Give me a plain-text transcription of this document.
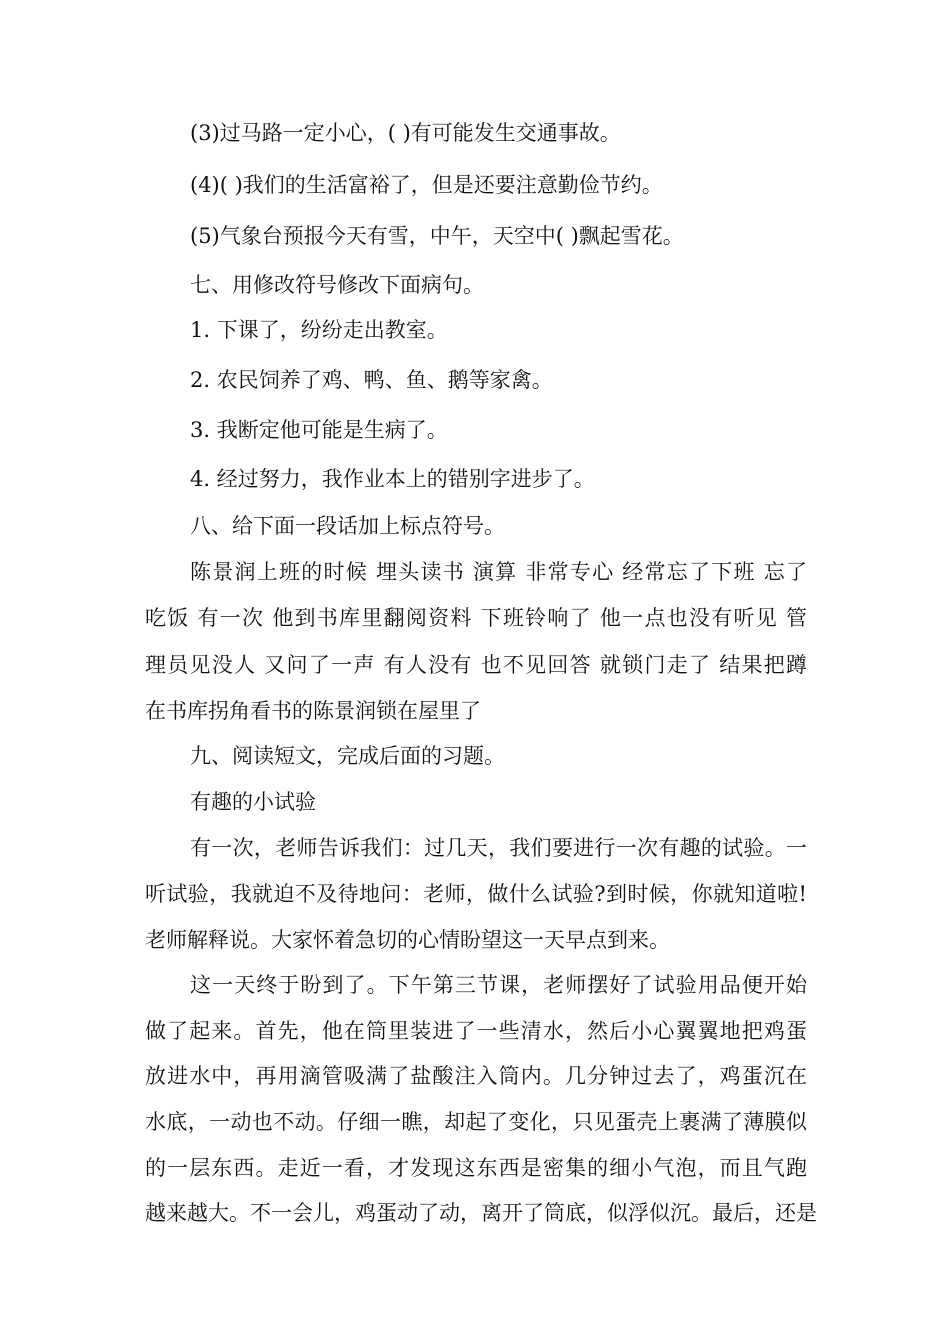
(3)过马路一定小心，( )有可能发生交通事故。
(4)( )我们的生活富裕了，但是还要注意勤俭节约。
(5)气象台预报今天有雪，中午，天空中( )飘起雪花。
七、用修改符号修改下面病句。
1. 下课了，纷纷走出教室。
2. 农民饲养了鸡、鸭、鱼、鹅等家禽。
3. 我断定他可能是生病了。
4. 经过努力，我作业本上的错别字进步了。
八、给下面一段话加上标点符号。
陈景润上班的时候 埋头读书 演算 非常专心 经常忘了下班 忘了
吃饭 有一次 他到书库里翻阅资料 下班铃响了 他一点也没有听见 管
理员见没人 又问了一声 有人没有 也不见回答 就锁门走了 结果把蹲
在书库拐角看书的陈景润锁在屋里了
九、阅读短文，完成后面的习题。
有趣的小试验
有一次，老师告诉我们：过几天，我们要进行一次有趣的试验。一
听试验，我就迫不及待地问：老师，做什么试验?到时候，你就知道啦!
老师解释说。大家怀着急切的心情盼望这一天早点到来。
这一天终于盼到了。下午第三节课，老师摆好了试验用品便开始
做了起来。首先，他在筒里装进了一些清水，然后小心翼翼地把鸡蛋
放进水中，再用滴管吸满了盐酸注入筒内。几分钟过去了，鸡蛋沉在
水底，一动也不动。仔细一瞧，却起了变化，只见蛋壳上裹满了薄膜似
的一层东西。走近一看，才发现这东西是密集的细小气泡，而且气跑
越来越大。不一会儿，鸡蛋动了动，离开了筒底，似浮似沉。最后，还是
